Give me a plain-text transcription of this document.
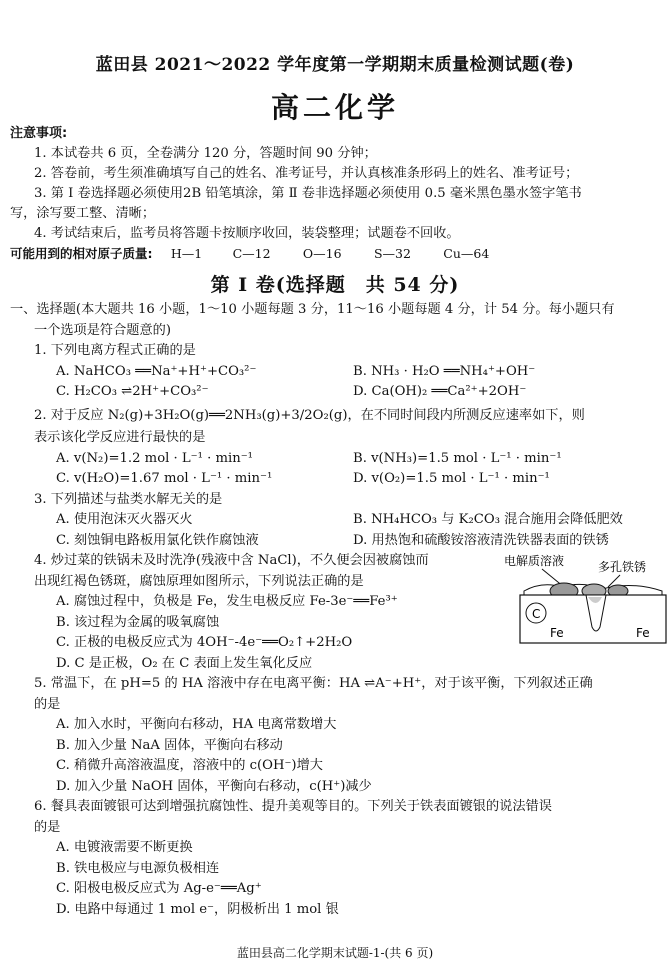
蓝田县 2021～2022 学年度第一学期期末质量检测试题(卷)
高二化学
注意事项:
1. 本试卷共 6 页，全卷满分 120 分，答题时间 90 分钟；
2. 答卷前，考生须准确填写自己的姓名、准考证号，并认真核准条形码上的姓名、准考证号；
3. 第 Ⅰ 卷选择题必须使用2B 铅笔填涂，第 Ⅱ 卷非选择题必须使用 0.5 毫米黑色墨水签字笔书
写，涂写要工整、清晰；
4. 考试结束后，监考员将答题卡按顺序收回，装袋整理；试题卷不回收。
可能用到的相对原子质量: H—1 C—12	O—16	S—32	Cu—64
第 Ⅰ 卷(选择题　共 54 分)
一、选择题(本大题共 16 小题，1～10 小题每题 3 分，11～16 小题每题 4 分，计 54 分。每小题只有
一个选项是符合题意的)
1. 下列电离方程式正确的是
A. NaHCO₃ ══Na⁺+H⁺+CO₃²⁻	B. NH₃ · H₂O ══NH₄⁺+OH⁻
C. H₂CO₃ ⇌2H⁺+CO₃²⁻	D. Ca(OH)₂ ══Ca²⁺+2OH⁻
2. 对于反应 N₂(g)+3H₂O(g)══2NH₃(g)+3/2O₂(g)，在不同时间段内所测反应速率如下，则
表示该化学反应进行最快的是
A. v(N₂)=1.2 mol · L⁻¹ · min⁻¹	B. v(NH₃)=1.5 mol · L⁻¹ · min⁻¹
C. v(H₂O)=1.67 mol · L⁻¹ · min⁻¹	D. v(O₂)=1.5 mol · L⁻¹ · min⁻¹
3. 下列描述与盐类水解无关的是
A. 使用泡沫灭火器灭火	B. NH₄HCO₃ 与 K₂CO₃ 混合施用会降低肥效
C. 刻蚀铜电路板用氯化铁作腐蚀液	D. 用热饱和硫酸铵溶液清洗铁器表面的铁锈
4. 炒过菜的铁锅未及时洗净(残液中含 NaCl)，不久便会因被腐蚀而
出现红褐色锈斑，腐蚀原理如图所示，下列说法正确的是
A. 腐蚀过程中，负极是 Fe，发生电极反应 Fe-3e⁻══Fe³⁺
B. 该过程为金属的吸氧腐蚀
C. 正极的电极反应式为 4OH⁻-4e⁻══O₂↑+2H₂O
D. C 是正极，O₂ 在 C 表面上发生氧化反应
电解质溶液	多孔铁锈
C
Fe	Fe
5. 常温下，在 pH=5 的 HA 溶液中存在电离平衡：HA ⇌A⁻+H⁺，对于该平衡，下列叙述正确
的是
A. 加入水时，平衡向右移动，HA 电离常数增大
B. 加入少量 NaA 固体，平衡向右移动
C. 稍微升高溶液温度，溶液中的 c(OH⁻)增大
D. 加入少量 NaOH 固体，平衡向右移动，c(H⁺)减少
6. 餐具表面镀银可达到增强抗腐蚀性、提升美观等目的。下列关于铁表面镀银的说法错误
的是
A. 电镀液需要不断更换
B. 铁电极应与电源负极相连
C. 阳极电极反应式为 Ag-e⁻══Ag⁺
D. 电路中每通过 1 mol e⁻，阴极析出 1 mol 银
蓝田县高二化学期末试题-1-(共 6 页)
